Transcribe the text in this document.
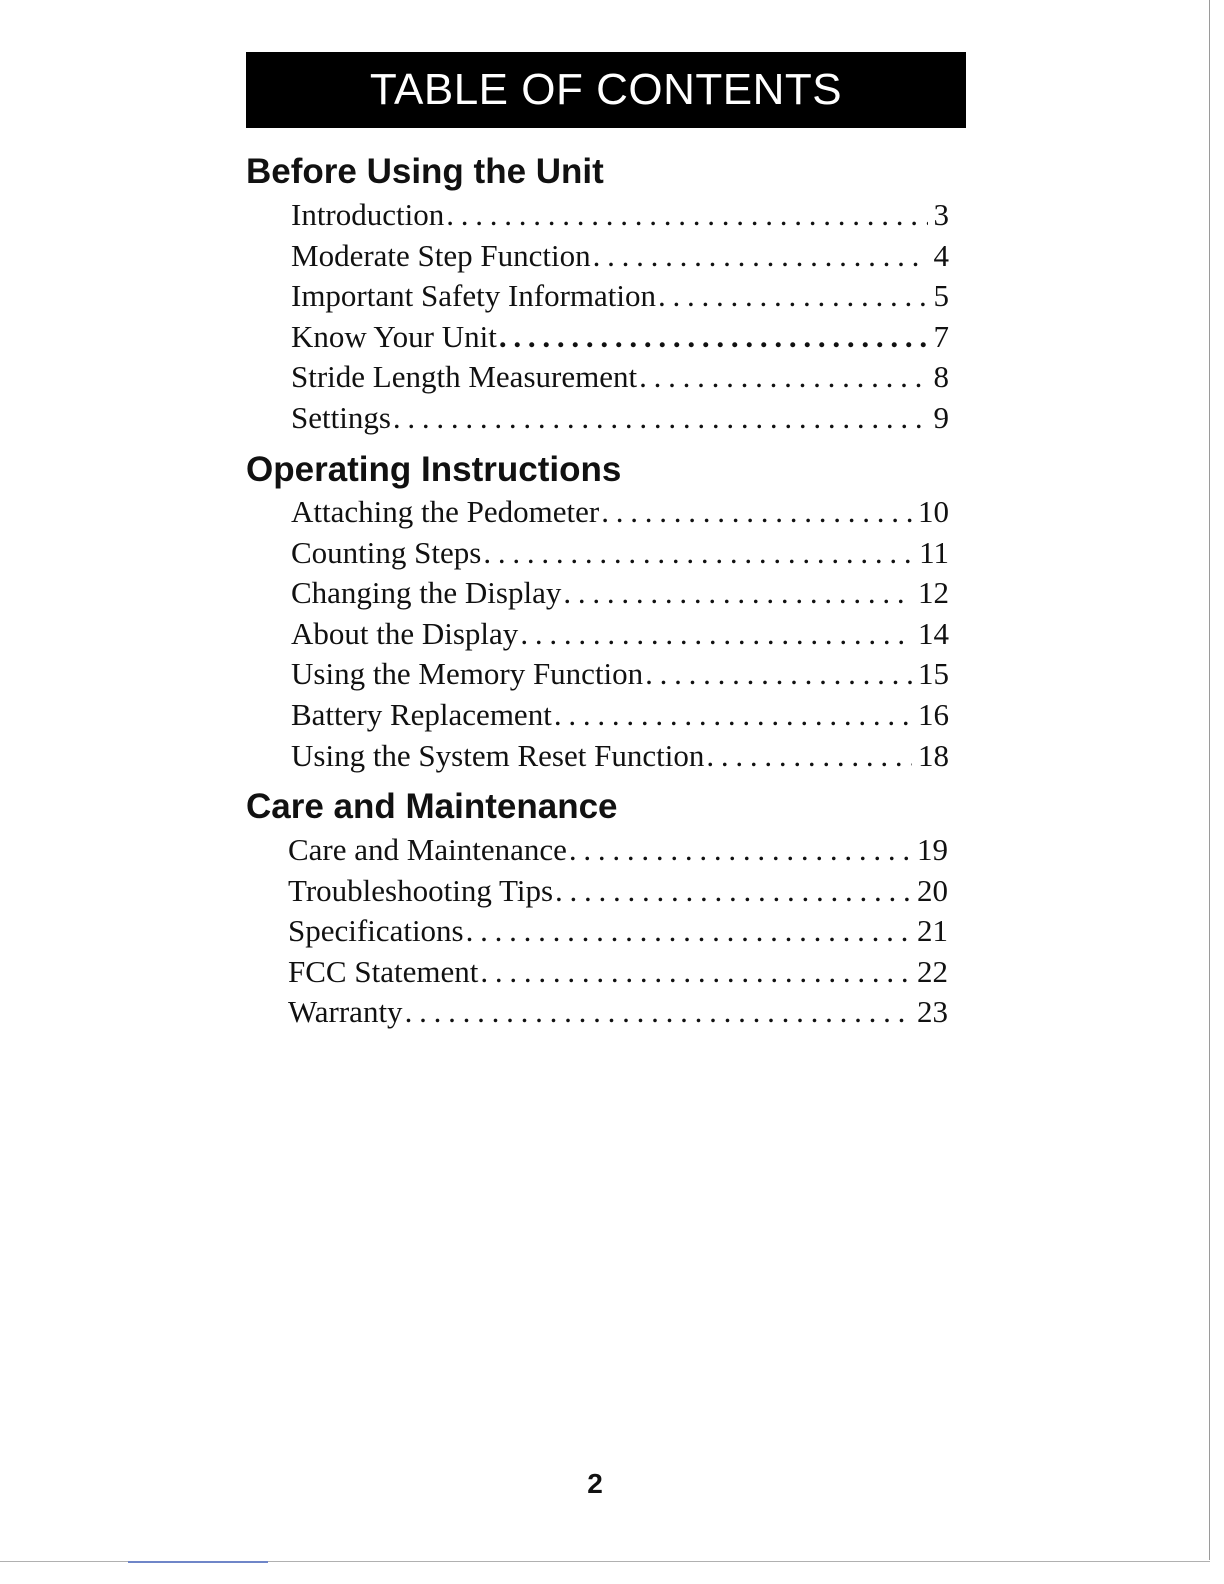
TABLE OF CONTENTS
Before Using the Unit
Introduction . . .	3
Moderate Step Function . . .	4
Important Safety Information . . .	5
Know Your Unit . . .	7
Stride Length Measurement . . .	8
Settings . . .	9
Operating Instructions
Attaching the Pedometer . . .	10
Counting Steps . . .	11
Changing the Display . . .	12
About the Display . . .	14
Using the Memory Function . . .	15
Battery Replacement . . .	16
Using the System Reset Function . . .	18
Care and Maintenance
Care and Maintenance . . .	19
Troubleshooting Tips . . .	20
Specifications . . .	21
FCC Statement . . .	22
Warranty . . .	23
2
